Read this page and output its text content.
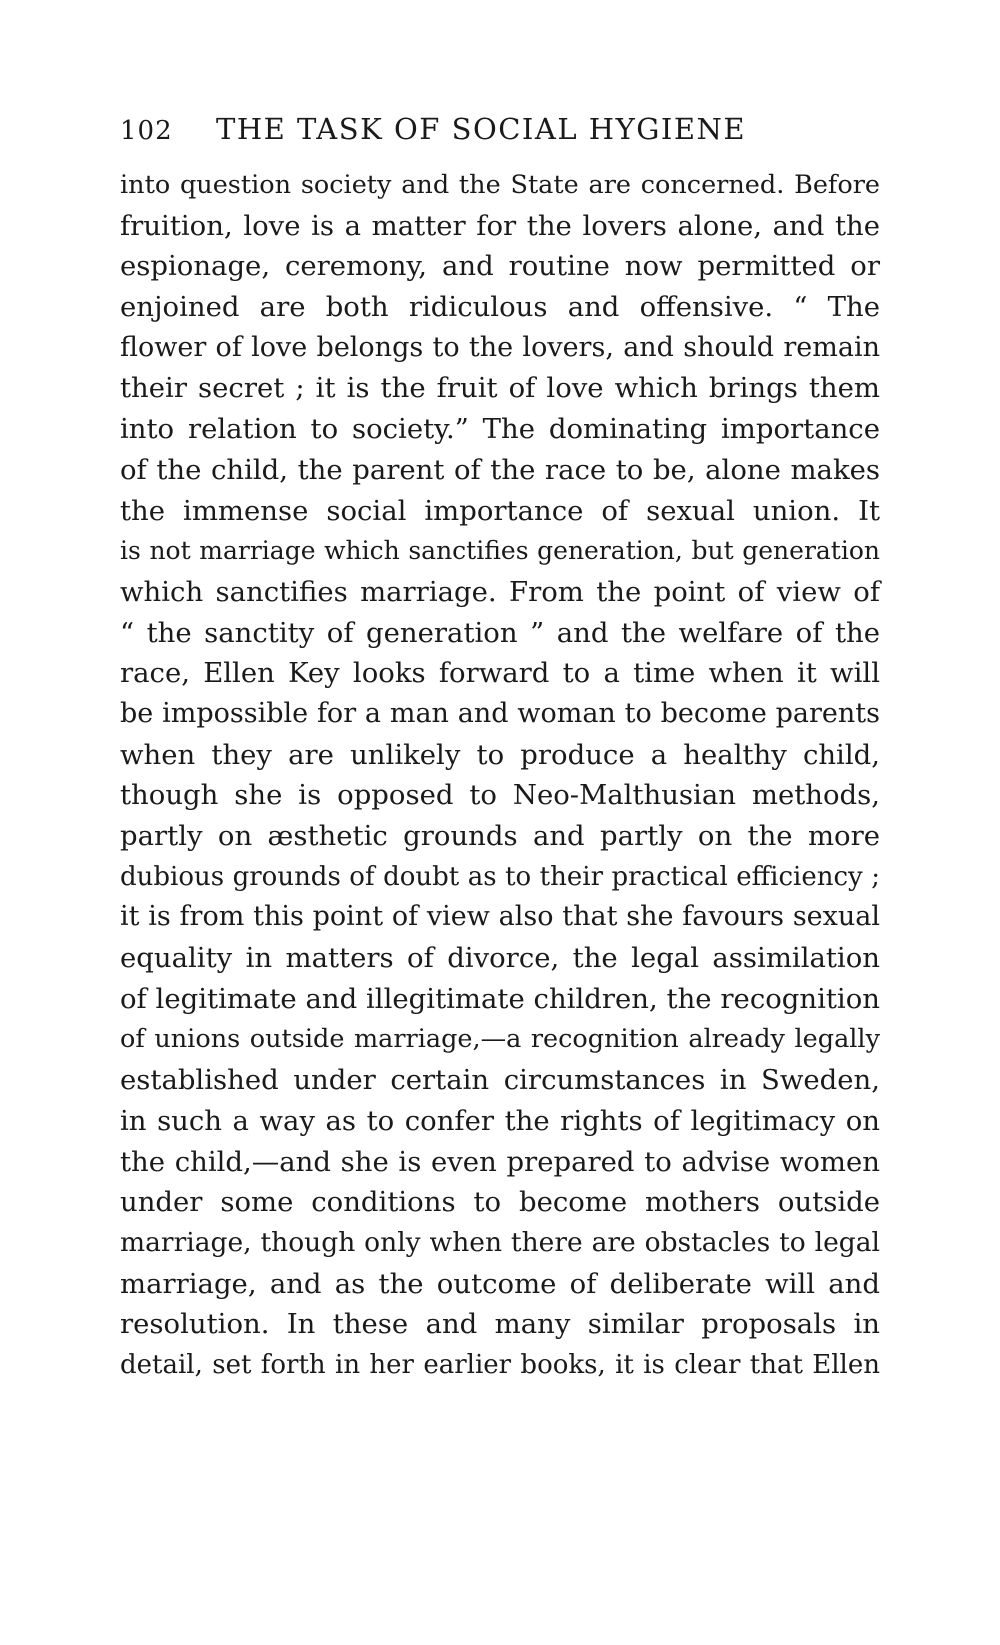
102 THE TASK OF SOCIAL HYGIENE
into question society and the State are concerned. Before
fruition, love is a matter for the lovers alone, and the
espionage, ceremony, and routine now permitted or
enjoined are both ridiculous and offensive. “ The
flower of love belongs to the lovers, and should remain
their secret ; it is the fruit of love which brings them
into relation to society.” The dominating importance
of the child, the parent of the race to be, alone makes
the immense social importance of sexual union. It
is not marriage which sanctifies generation, but generation
which sanctifies marriage. From the point of view of
“ the sanctity of generation ” and the welfare of the
race, Ellen Key looks forward to a time when it will
be impossible for a man and woman to become parents
when they are unlikely to produce a healthy child,
though she is opposed to Neo-Malthusian methods,
partly on æsthetic grounds and partly on the more
dubious grounds of doubt as to their practical efficiency ;
it is from this point of view also that she favours sexual
equality in matters of divorce, the legal assimilation
of legitimate and illegitimate children, the recognition
of unions outside marriage,—a recognition already legally
established under certain circumstances in Sweden,
in such a way as to confer the rights of legitimacy on
the child,—and she is even prepared to advise women
under some conditions to become mothers outside
marriage, though only when there are obstacles to legal
marriage, and as the outcome of deliberate will and
resolution. In these and many similar proposals in
detail, set forth in her earlier books, it is clear that Ellen
